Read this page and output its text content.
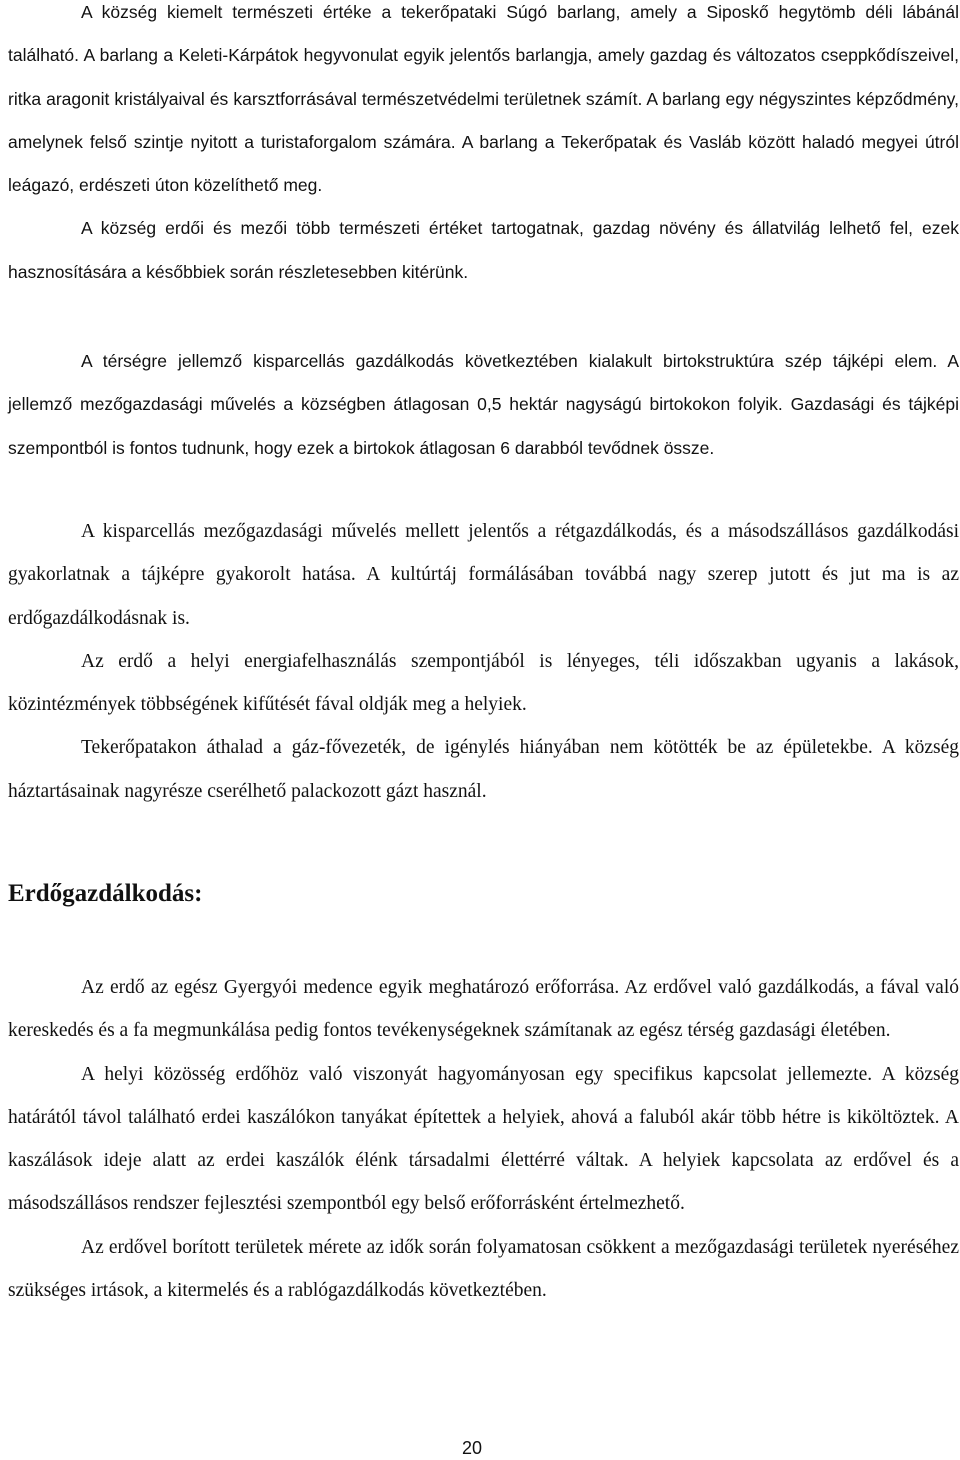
A község kiemelt természeti értéke a tekerőpataki Súgó barlang, amely a Siposkő hegytömb déli lábánál található. A barlang a Keleti-Kárpátok hegyvonulat egyik jelentős barlangja, amely gazdag és változatos cseppkődíszeivel, ritka aragonit kristályaival és karsztforrásával természetvédelmi területnek számít. A barlang egy négyszintes képződmény, amelynek felső szintje nyitott a turistaforgalom számára. A barlang a Tekerőpatak és Vasláb között haladó megyei útról leágazó, erdészeti úton közelíthető meg.

A község erdői és mezői több természeti értéket tartogatnak, gazdag növény és állatvilág lelhető fel, ezek hasznosítására a későbbiek során részletesebben kitérünk.

A térségre jellemző kisparcellás gazdálkodás következtében kialakult birtokstruktúra szép tájképi elem. A jellemző mezőgazdasági művelés a községben átlagosan 0,5 hektár nagyságú birtokokon folyik. Gazdasági és tájképi szempontból is fontos tudnunk, hogy ezek a birtokok átlagosan 6 darabból tevődnek össze.

A kisparcellás mezőgazdasági művelés mellett jelentős a rétgazdálkodás, és a másodszállásos gazdálkodási gyakorlatnak a tájképre gyakorolt hatása. A kultúrtáj formálásában továbbá nagy szerep jutott és jut ma is az erdőgazdálkodásnak is.

Az erdő a helyi energiafelhasználás szempontjából is lényeges, téli időszakban ugyanis a lakások, közintézmények többségének kifűtését fával oldják meg a helyiek.

Tekerőpatakon áthalad a gáz-fővezeték, de igénylés hiányában nem kötötték be az épületekbe. A község háztartásainak nagyrésze cserélhető palackozott gázt használ.

Erdőgazdálkodás:

Az erdő az egész Gyergyói medence egyik meghatározó erőforrása. Az erdővel való gazdálkodás, a fával való kereskedés és a fa megmunkálása pedig fontos tevékenységeknek számítanak az egész térség gazdasági életében.

A helyi közösség erdőhöz való viszonyát hagyományosan egy specifikus kapcsolat jellemezte. A község határától távol található erdei kaszálókon tanyákat építettek a helyiek, ahová a faluból akár több hétre is kiköltöztek. A kaszálások ideje alatt az erdei kaszálók élénk társadalmi élettérré váltak. A helyiek kapcsolata az erdővel és a másodszállásos rendszer fejlesztési szempontból egy belső erőforrásként értelmezhető.

Az erdővel borított területek mérete az idők során folyamatosan csökkent a mezőgazdasági területek nyeréséhez szükséges irtások, a kitermelés és a rablógazdálkodás következtében.

20
